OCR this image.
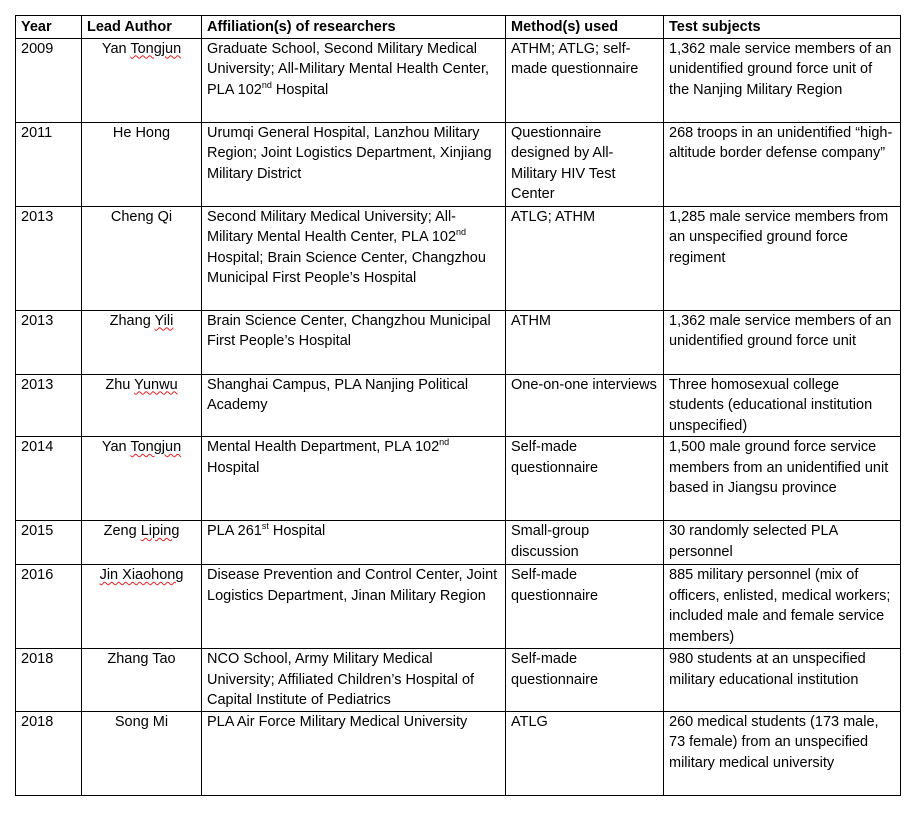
Year	Lead Author	Affiliation(s) of researchers	Method(s) used	Test subjects
2009	Yan Tongjun	Graduate School, Second Military Medical University; All-Military Mental Health Center, PLA 102nd Hospital	ATHM; ATLG; self-made questionnaire	1,362 male service members of an unidentified ground force unit of the Nanjing Military Region
2011	He Hong	Urumqi General Hospital, Lanzhou Military Region; Joint Logistics Department, Xinjiang Military District	Questionnaire designed by All-Military HIV Test Center	268 troops in an unidentified “high-altitude border defense company”
2013	Cheng Qi	Second Military Medical University; All-Military Mental Health Center, PLA 102nd Hospital; Brain Science Center, Changzhou Municipal First People’s Hospital	ATLG; ATHM	1,285 male service members from an unspecified ground force regiment
2013	Zhang Yili	Brain Science Center, Changzhou Municipal First People’s Hospital	ATHM	1,362 male service members of an unidentified ground force unit
2013	Zhu Yunwu	Shanghai Campus, PLA Nanjing Political Academy	One-on-one interviews	Three homosexual college students (educational institution unspecified)
2014	Yan Tongjun	Mental Health Department, PLA 102nd Hospital	Self-made questionnaire	1,500 male ground force service members from an unidentified unit based in Jiangsu province
2015	Zeng Liping	PLA 261st Hospital	Small-group discussion	30 randomly selected PLA personnel
2016	Jin Xiaohong	Disease Prevention and Control Center, Joint Logistics Department, Jinan Military Region	Self-made questionnaire	885 military personnel (mix of officers, enlisted, medical workers; included male and female service members)
2018	Zhang Tao	NCO School, Army Military Medical University; Affiliated Children’s Hospital of Capital Institute of Pediatrics	Self-made questionnaire	980 students at an unspecified military educational institution
2018	Song Mi	PLA Air Force Military Medical University	ATLG	260 medical students (173 male, 73 female) from an unspecified military medical university
